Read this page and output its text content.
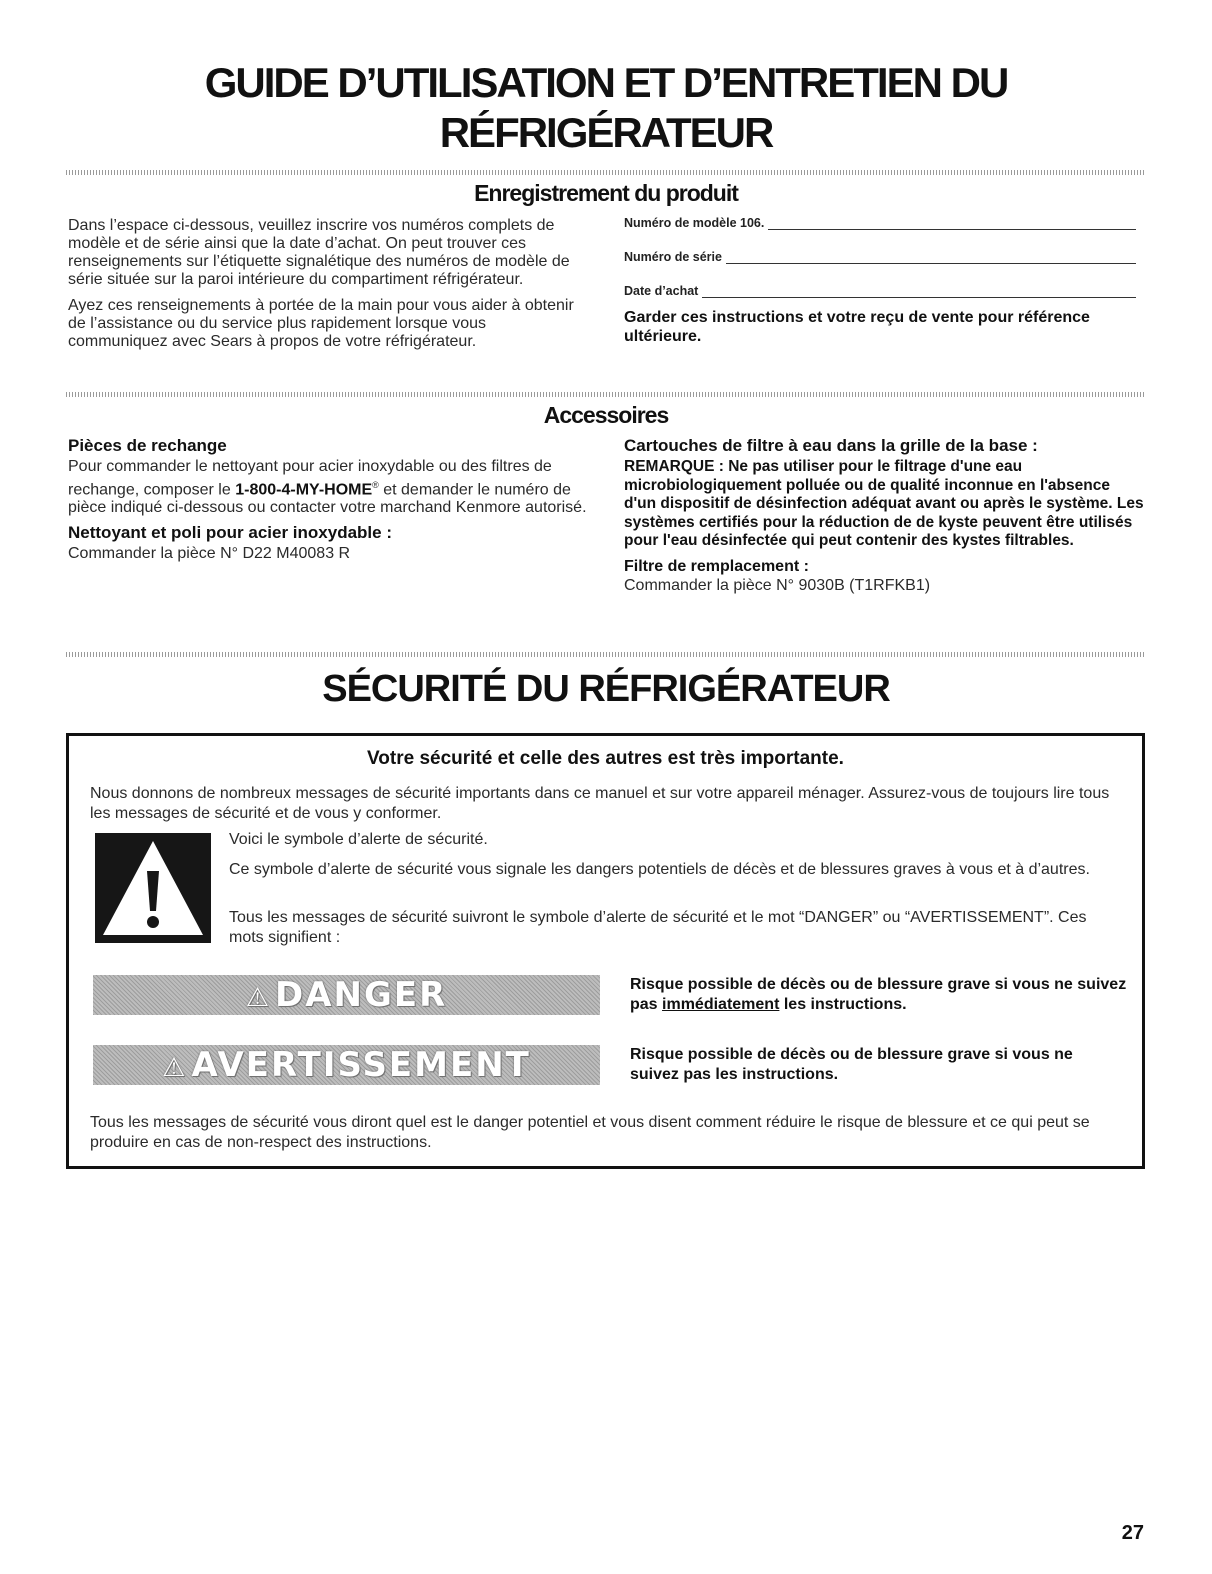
GUIDE D’UTILISATION ET D’ENTRETIEN DU
RÉFRIGÉRATEUR
Enregistrement du produit

Dans l’espace ci-dessous, veuillez inscrire vos numéros complets de modèle et de série ainsi que la date d’achat. On peut trouver ces renseignements sur l’étiquette signalétique des numéros de modèle de série située sur la paroi intérieure du compartiment réfrigérateur.

Ayez ces renseignements à portée de la main pour vous aider à obtenir de l’assistance ou du service plus rapidement lorsque vous communiquez avec Sears à propos de votre réfrigérateur.

Numéro de modèle 106.
Numéro de série
Date d’achat
Garder ces instructions et votre reçu de vente pour référence ultérieure.
Accessoires
Pièces de rechange

Pour commander le nettoyant pour acier inoxydable ou des filtres de rechange, composer le 1-800-4-MY-HOME® et demander le numéro de pièce indiqué ci-dessous ou contacter votre marchand Kenmore autorisé.

Nettoyant et poli pour acier inoxydable :

Commander la pièce N° D22 M40083 R

Cartouches de filtre à eau dans la grille de la base :

REMARQUE : Ne pas utiliser pour le filtrage d'une eau microbiologiquement polluée ou de qualité inconnue en l'absence d'un dispositif de désinfection adéquat avant ou après le système. Les systèmes certifiés pour la réduction de de kyste peuvent être utilisés pour l'eau désinfectée qui peut contenir des kystes filtrables.

Filtre de remplacement :

Commander la pièce N° 9030B (T1RFKB1)

SÉCURITÉ DU RÉFRIGÉRATEUR
Votre sécurité et celle des autres est très importante.
Nous donnons de nombreux messages de sécurité importants dans ce manuel et sur votre appareil ménager. Assurez-vous de toujours lire tous les messages de sécurité et de vous y conformer.
Voici le symbole d’alerte de sécurité.
Ce symbole d’alerte de sécurité vous signale les dangers potentiels de décès et de blessures graves à vous et à d’autres.
Tous les messages de sécurité suivront le symbole d’alerte de sécurité et le mot “DANGER” ou “AVERTISSEMENT”. Ces mots signifient :
⚠ DANGER	Risque possible de décès ou de blessure grave si vous ne suivez pas immédiatement les instructions.
⚠ AVERTISSEMENT	Risque possible de décès ou de blessure grave si vous ne suivez pas les instructions.
Tous les messages de sécurité vous diront quel est le danger potentiel et vous disent comment réduire le risque de blessure et ce qui peut se produire en cas de non-respect des instructions.
27
